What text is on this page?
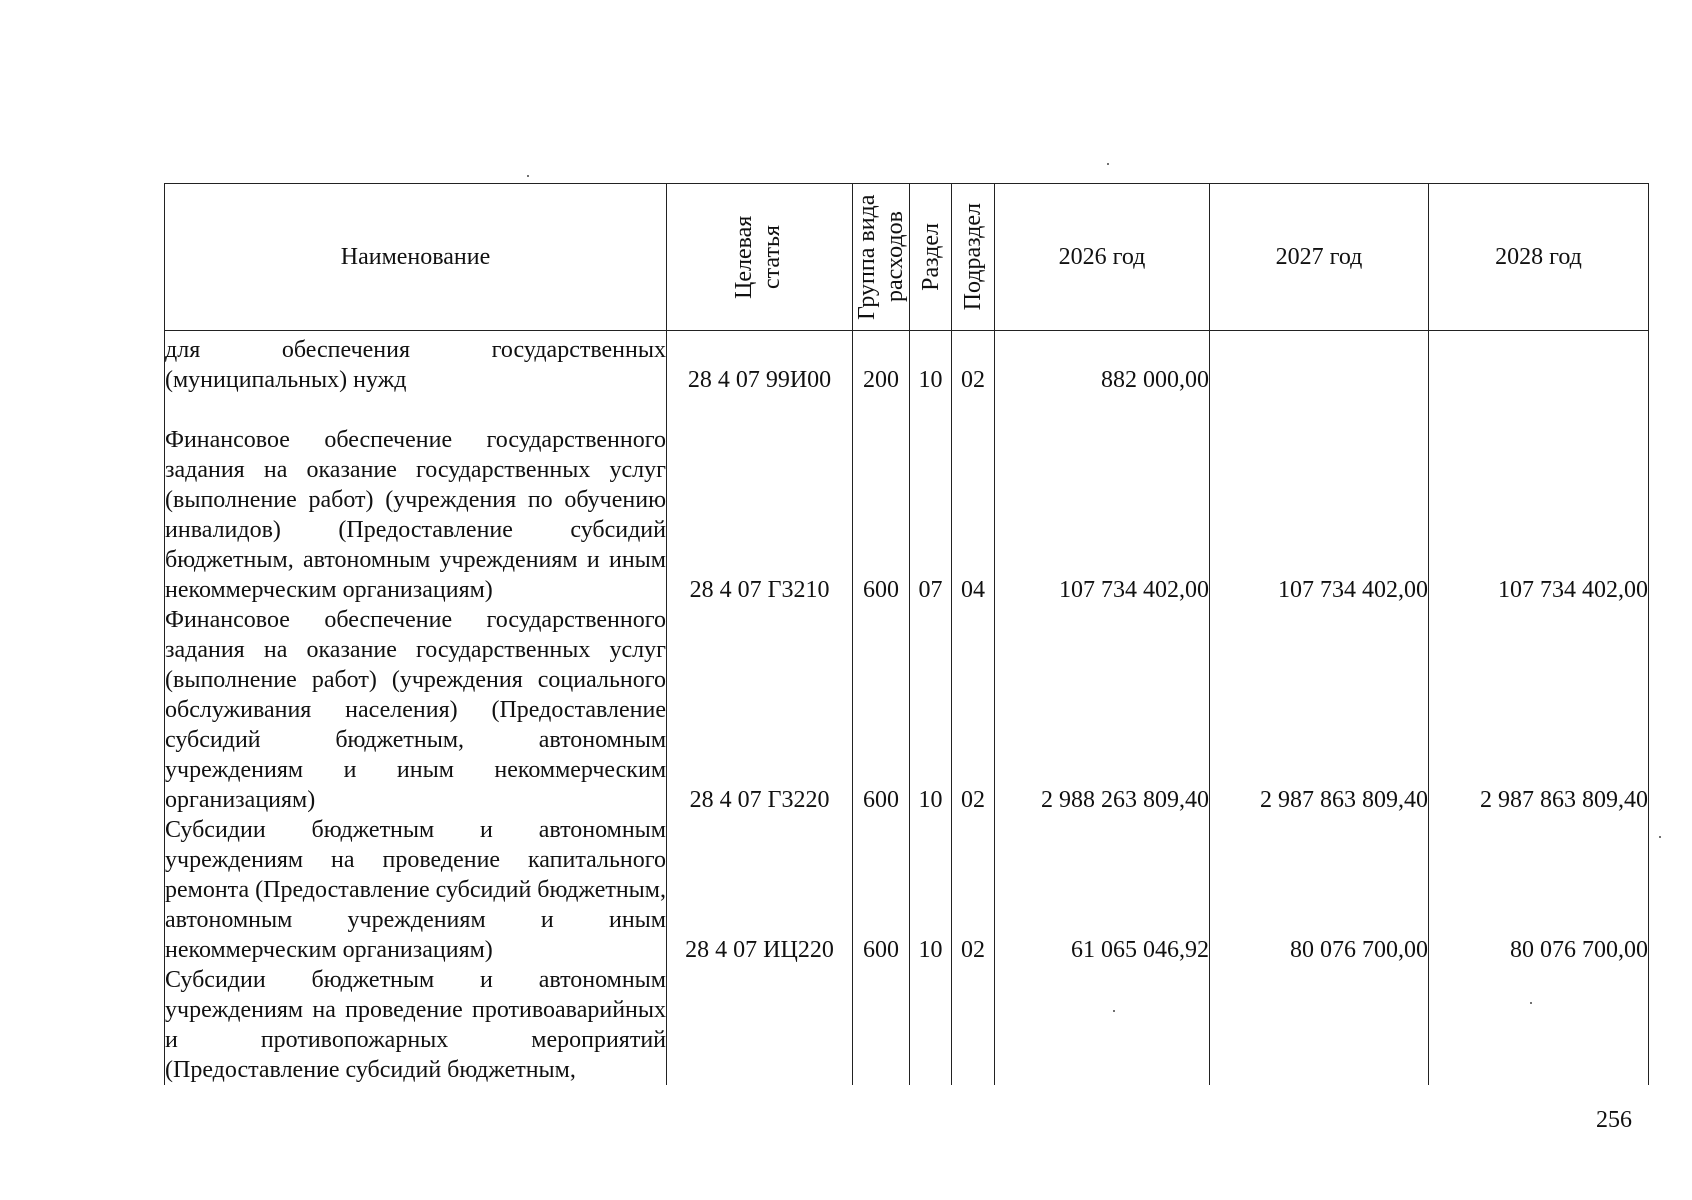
Наименование	Целевая статья	Группа вида расходов	Раздел	Подраздел	2026 год	2027 год	2028 год

для обеспечения государственных (муниципальных) нужд	28 4 07 99И00	200	10	02	882 000,00		
Финансовое обеспечение государственного задания на оказание государственных услуг (выполнение работ) (учреждения по обучению инвалидов) (Предоставление субсидий бюджетным, автономным учреждениям и иным некоммерческим организациям)	28 4 07 Г3210	600	07	04	107 734 402,00	107 734 402,00	107 734 402,00
Финансовое обеспечение государственного задания на оказание государственных услуг (выполнение работ) (учреждения социального обслуживания населения) (Предоставление субсидий бюджетным, автономным учреждениям и иным некоммерческим организациям)	28 4 07 Г3220	600	10	02	2 988 263 809,40	2 987 863 809,40	2 987 863 809,40
Субсидии бюджетным и автономным учреждениям на проведение капитального ремонта (Предоставление субсидий бюджетным, автономным учреждениям и иным некоммерческим организациям)	28 4 07 ИЦ220	600	10	02	61 065 046,92	80 076 700,00	80 076 700,00
Субсидии бюджетным и автономным учреждениям на проведение противоаварийных и противопожарных мероприятий (Предоставление субсидий бюджетным,							
256
